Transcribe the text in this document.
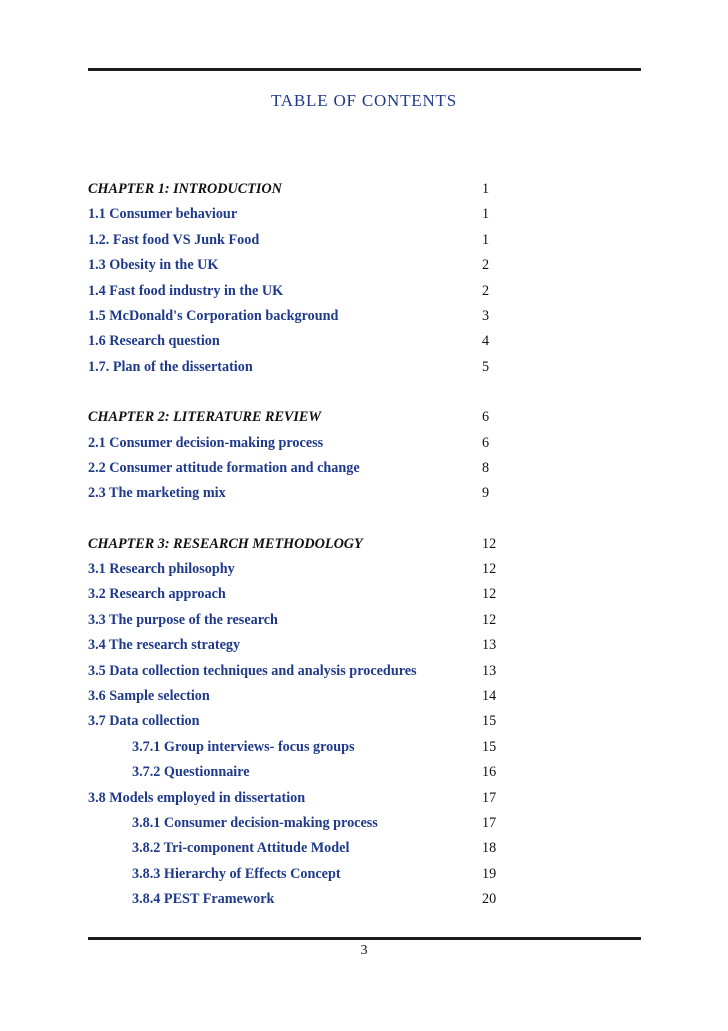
TABLE OF CONTENTS
CHAPTER 1: INTRODUCTION	1
1.1 Consumer behaviour	1
1.2. Fast food VS Junk Food	1
1.3 Obesity in the UK	2
1.4 Fast food industry in the UK	2
1.5 McDonald's Corporation background	3
1.6 Research question	4
1.7. Plan of the dissertation	5
CHAPTER 2: LITERATURE REVIEW	6
2.1 Consumer decision-making process	6
2.2 Consumer attitude formation and change	8
2.3 The marketing mix	9
CHAPTER 3: RESEARCH METHODOLOGY	12
3.1 Research philosophy	12
3.2 Research approach	12
3.3 The purpose of the research	12
3.4 The research strategy	13
3.5 Data collection techniques and analysis procedures	13
3.6 Sample selection	14
3.7 Data collection	15
3.7.1 Group interviews- focus groups	15
3.7.2 Questionnaire	16
3.8 Models employed in dissertation	17
3.8.1 Consumer decision-making process	17
3.8.2 Tri-component Attitude Model	18
3.8.3 Hierarchy of Effects Concept	19
3.8.4 PEST Framework	20
3
